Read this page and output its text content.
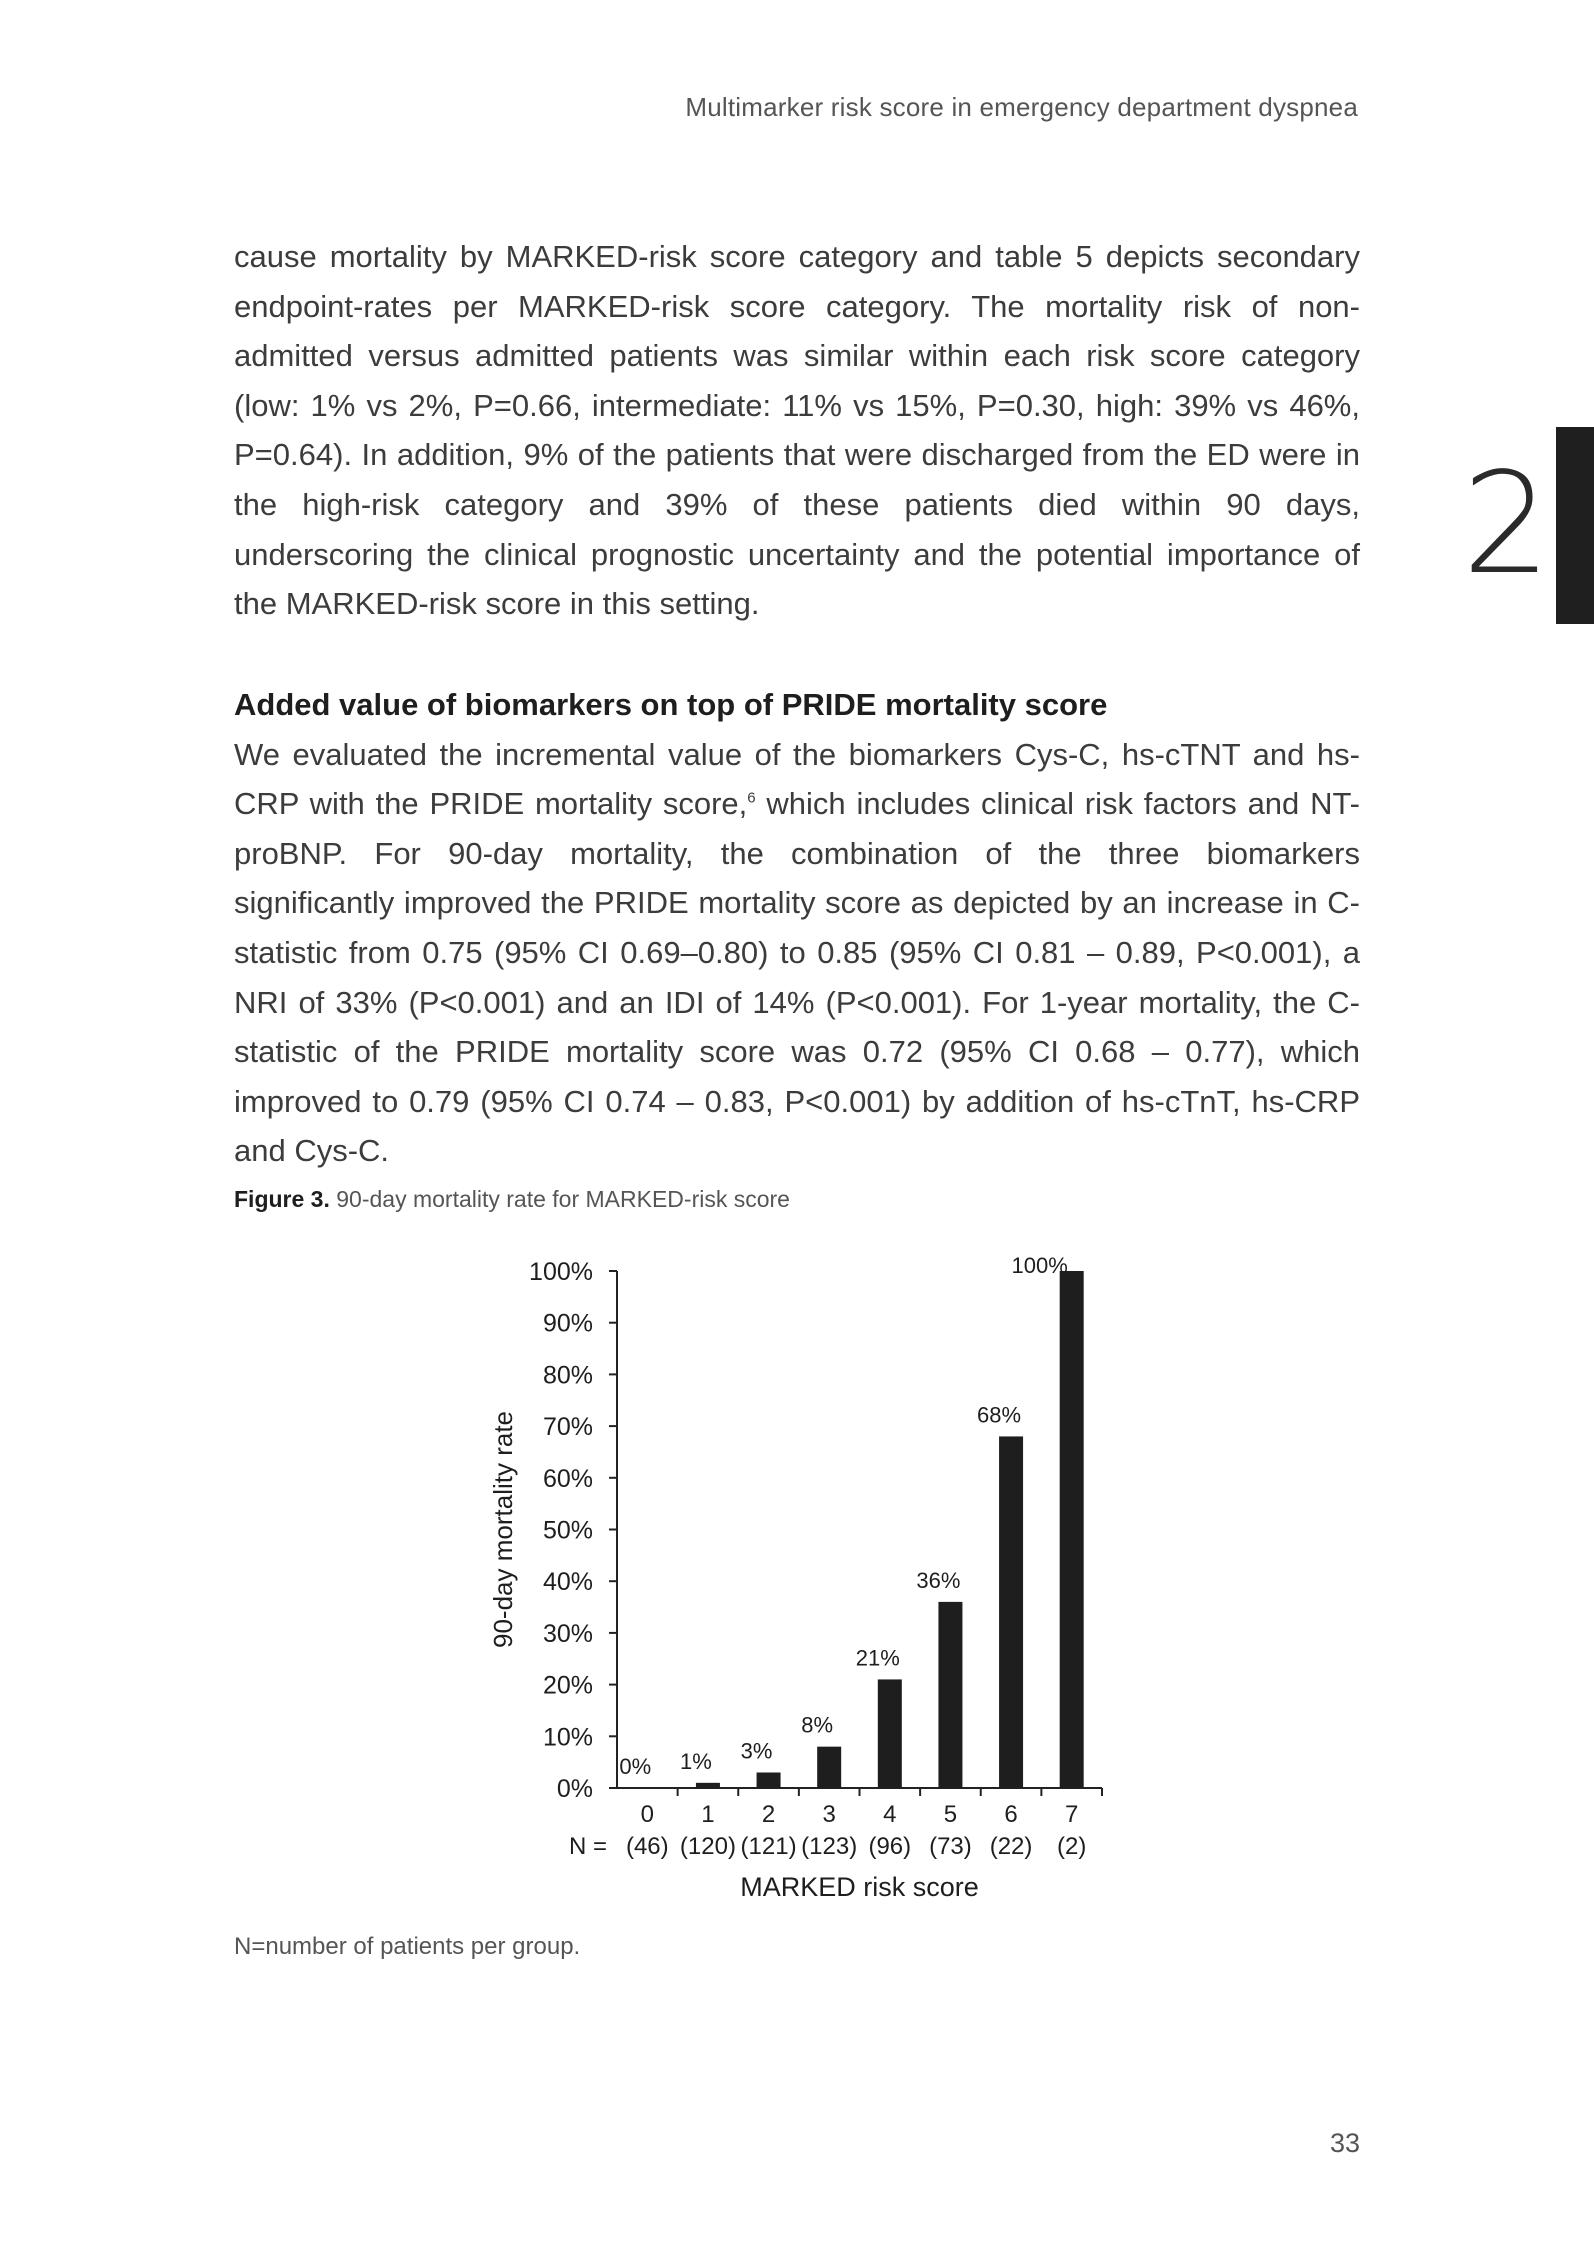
Multimarker risk score in emergency department dyspnea
2

cause mortality by MARKED-risk score category and table 5 depicts secondary endpoint-rates per MARKED-risk score category. The mortality risk of non-admitted versus admitted patients was similar within each risk score category (low: 1% vs 2%, P=0.66, intermediate: 11% vs 15%, P=0.30, high: 39% vs 46%, P=0.64). In addition, 9% of the patients that were discharged from the ED were in the high-risk category and 39% of these patients died within 90 days, underscoring the clinical prognostic uncertainty and the potential importance of the MARKED-risk score in this setting.

Added value of biomarkers on top of PRIDE mortality score

We evaluated the incremental value of the biomarkers Cys-C, hs-cTNT and hs-CRP with the PRIDE mortality score,$^6$ which includes clinical risk factors and NT-proBNP. For 90-day mortality, the combination of the three biomarkers significantly improved the PRIDE mortality score as depicted by an increase in C-statistic from 0.75 (95% CI 0.69–0.80) to 0.85 (95% CI 0.81 – 0.89, P<0.001), a NRI of 33% (P<0.001) and an IDI of 14% (P<0.001). For 1-year mortality, the C-statistic of the PRIDE mortality score was 0.72 (95% CI 0.68 – 0.77), which improved to 0.79 (95% CI 0.74 – 0.83, P<0.001) by addition of hs-cTnT, hs-CRP and Cys-C.

Figure 3. 90-day mortality rate for MARKED-risk score
0%
10%
20%
30%
40%
50%
60%
70%
80%
90%
100%
90-day mortality rate
0%
0
(46)
1%
1
(120)
3%
2
(121)
8%
3
(123)
21%
4
(96)
36%
5
(73)
68%
6
(22)
100%
7
(2)
N =
MARKED risk score
N=number of patients per group.
33
